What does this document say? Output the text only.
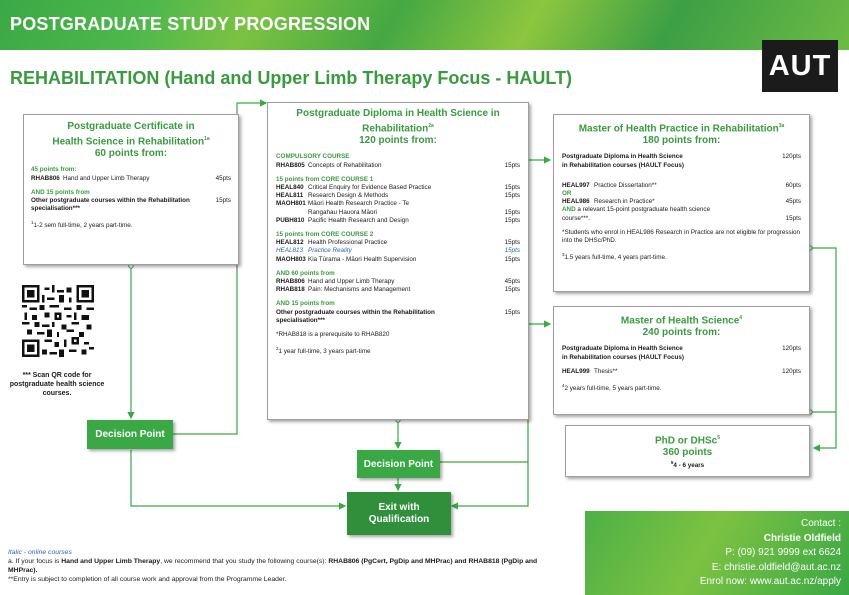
POSTGRADUATE STUDY PROGRESSION
AUT
REHABILITATION (Hand and Upper Limb Therapy Focus - HAULT)
Postgraduate Certificate in
Health Science in Rehabilitation$^{1a}$
60 points from:
45 points from:
RHAB806 Hand and Upper Limb Therapy	45pts
AND 15 points from
Other postgraduate courses within the Rehabilitation	15pts
specialisation***
$^1$1-2 sem full-time, 2 years part-time.
Postgraduate Diploma in Health Science in
Rehabilitation$^{2a}$
120 points from:
COMPULSORY COURSE
RHAB805 Concepts of Rehabilitation	15pts
15 points from CORE COURSE 1
HEAL840 Critical Enquiry for Evidence Based Practice	15pts
HEAL811 Research Design & Methods	15pts
MAOH801 Māori Health Research Practice - Te
Rangahau Hauora Māori	15pts
PUBH810 Pacific Health Research and Design	15pts
15 points from CORE COURSE 2
HEAL812 Health Professional Practice	15pts
HEAL813 Practice Reality	15pts
MAOH803 Kia Tūrama - Māori Health Supervision	15pts
AND 60 points from
RHAB806 Hand and Upper Limb Therapy	45pts
RHAB818 Pain: Mechanisms and Management	15pts
AND 15 points from
Other postgraduate courses within the Rehabilitation	15pts
specialisation***
*RHAB818 is a prerequisite to RHAB820
$^2$1 year full-time, 3 years part-time
Master of Health Practice in Rehabilitation$^{3a}$
180 points from:
Postgraduate Diploma in Health Science	120pts
in Rehabilitation courses (HAULT Focus)
HEAL997 Practice Dissertation**	60pts
OR
HEAL986 Research in Practice*	45pts
AND a relevant 15-point postgraduate health science
course***.	15pts
*Students who enrol in HEAL986 Research in Practice are not eligible for progression into the DHSc/PhD.
$^3$1.5 years full-time, 4 years part-time.
Master of Health Science$^4$
240 points from:
Postgraduate Diploma in Health Science	120pts
in Rehabilitation courses (HAULT Focus)
HEAL999 Thesis**	120pts
$^4$2 years full-time, 5 years part-time.
PhD or DHSc$^5$
360 points
$^5$4 - 6 years
Decision Point
Decision Point
Exit with
Qualification
*** Scan QR code for postgraduate health science courses.
Italic - online courses
a. If your focus is Hand and Upper Limb Therapy, we recommend that you study the following course(s): RHAB806 (PgCert, PgDip and MHPrac) and RHAB818 (PgDip and MHPrac).
**Entry is subject to completion of all course work and approval from the Programme Leader.
Contact :
Christie Oldfield
P: (09) 921 9999 ext 6624
E: christie.oldfield@aut.ac.nz
Enrol now: www.aut.ac.nz/apply
